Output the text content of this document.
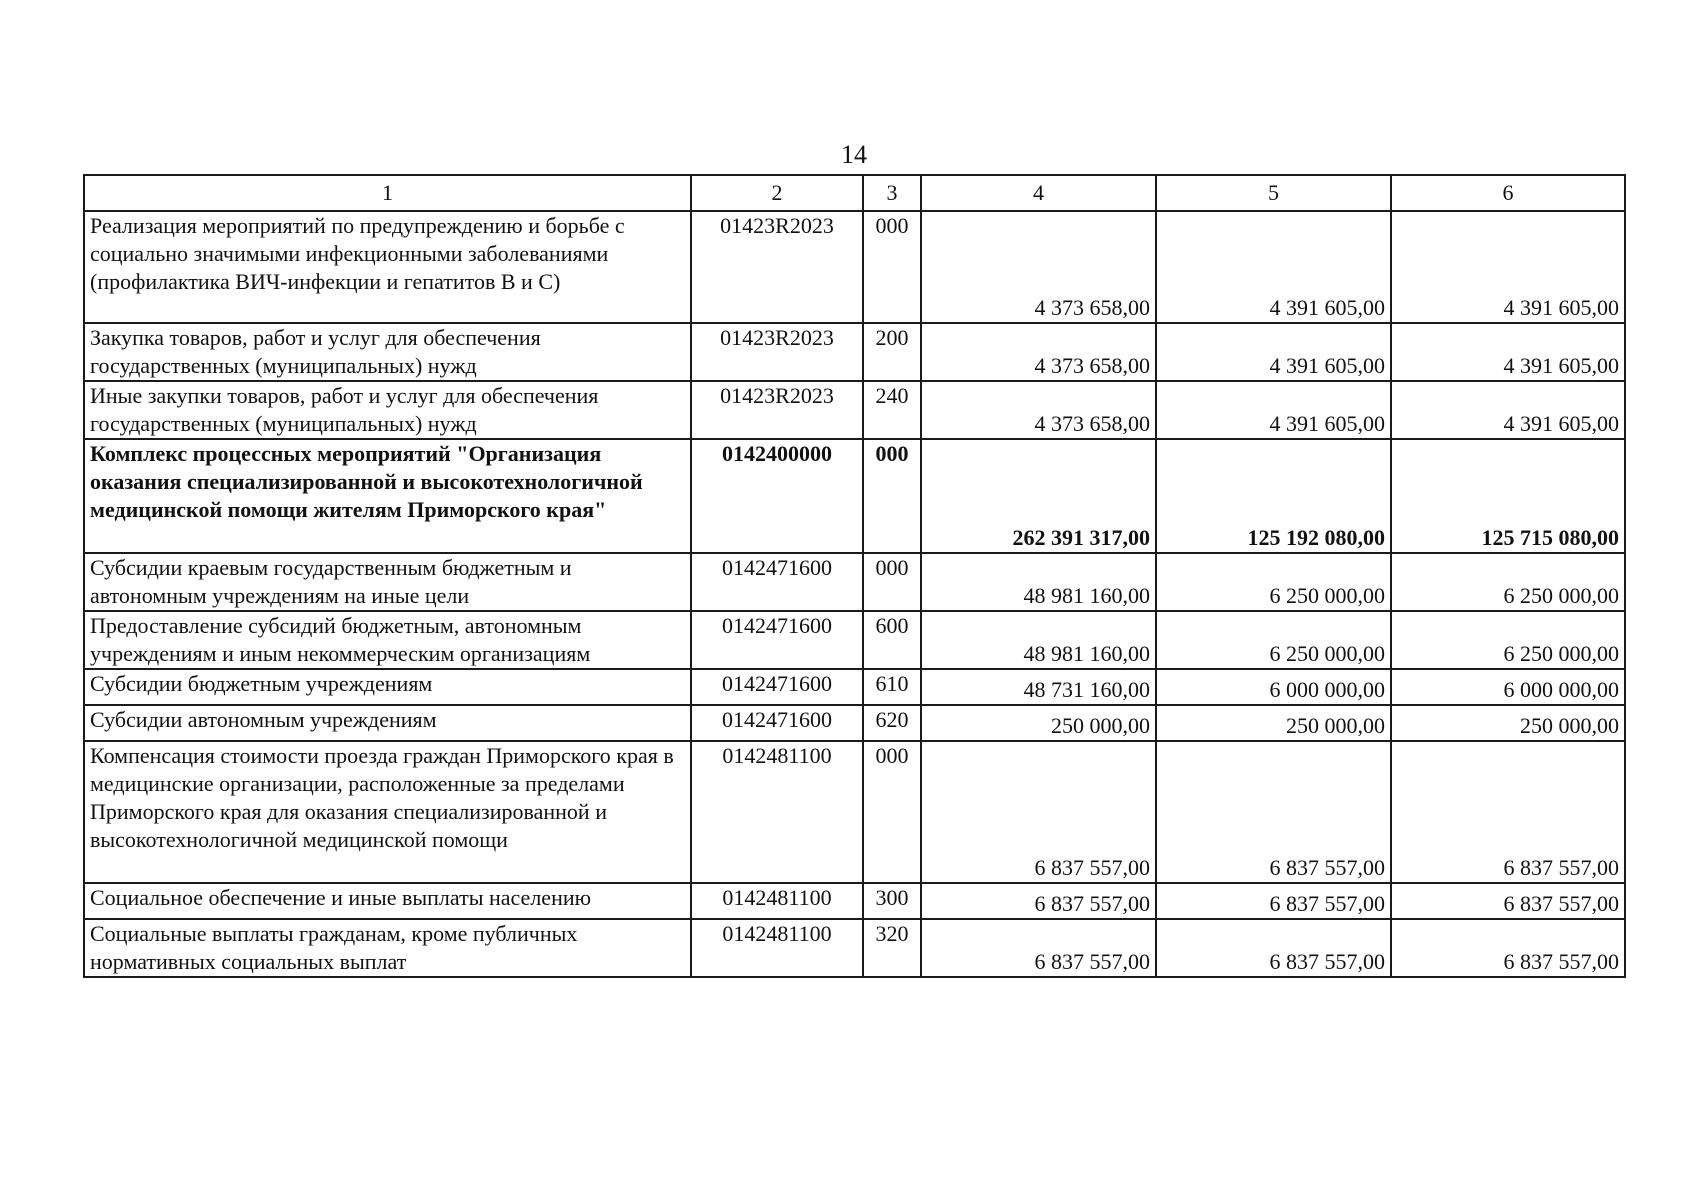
14
1	2	3	4	5	6
Реализация мероприятий по предупреждению и борьбе с социально значимыми инфекционными заболеваниями (профилактика ВИЧ-инфекции и гепатитов В и С)	01423R2023	000	4 373 658,00	4 391 605,00	4 391 605,00
Закупка товаров, работ и услуг для обеспечения государственных (муниципальных) нужд	01423R2023	200	4 373 658,00	4 391 605,00	4 391 605,00
Иные закупки товаров, работ и услуг для обеспечения государственных (муниципальных) нужд	01423R2023	240	4 373 658,00	4 391 605,00	4 391 605,00
Комплекс процессных мероприятий "Организация оказания специализированной и высокотехнологичной медицинской помощи жителям Приморского края"	0142400000	000	262 391 317,00	125 192 080,00	125 715 080,00
Субсидии краевым государственным бюджетным и автономным учреждениям на иные цели	0142471600	000	48 981 160,00	6 250 000,00	6 250 000,00
Предоставление субсидий бюджетным, автономным учреждениям и иным некоммерческим организациям	0142471600	600	48 981 160,00	6 250 000,00	6 250 000,00
Субсидии бюджетным учреждениям	0142471600	610	48 731 160,00	6 000 000,00	6 000 000,00
Субсидии автономным учреждениям	0142471600	620	250 000,00	250 000,00	250 000,00
Компенсация стоимости проезда граждан Приморского края в медицинские организации, расположенные за пределами Приморского края для оказания специализированной и высокотехнологичной медицинской помощи	0142481100	000	6 837 557,00	6 837 557,00	6 837 557,00
Социальное обеспечение и иные выплаты населению	0142481100	300	6 837 557,00	6 837 557,00	6 837 557,00
Социальные выплаты гражданам, кроме публичных нормативных социальных выплат	0142481100	320	6 837 557,00	6 837 557,00	6 837 557,00
